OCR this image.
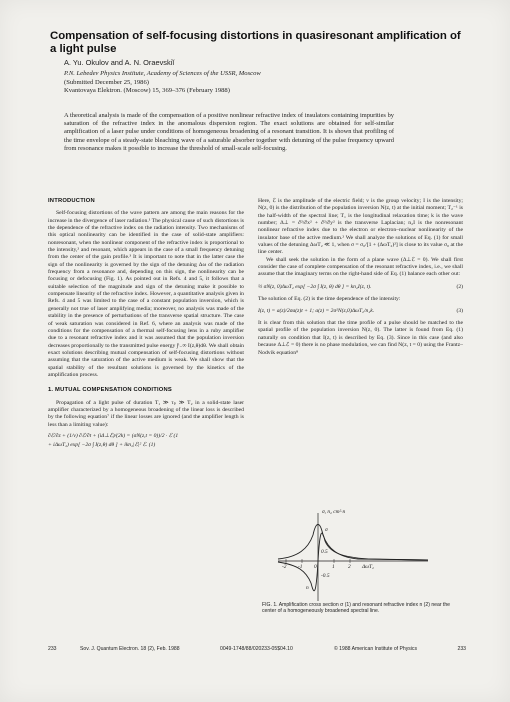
Compensation of self-focusing distortions in quasiresonant amplification of a light pulse
A. Yu. Okulov and A. N. Oraevskiĭ
P.N. Lebedev Physics Institute, Academy of Sciences of the USSR, Moscow
(Submitted December 25, 1986)
Kvantovaya Elektron. (Moscow) 15, 369–376 (February 1988)
A theoretical analysis is made of the compensation of a positive nonlinear refractive index of insulators containing impurities by saturation of the refractive index in the anomalous dispersion region. The exact solutions are obtained for self-similar amplification of a laser pulse under conditions of homogeneous broadening of a resonant transition. It is shown that profiling of the time envelope of a steady-state bleaching wave of a saturable absorber together with detuning of the pulse frequency upward from resonance makes it possible to increase the threshold of small-scale self-focusing.
INTRODUCTION

Self-focusing distortions of the wave pattern are among the main reasons for the increase in the divergence of laser radiation.¹ The physical cause of such distortions is the dependence of the refractive index on the radiation intensity. Two mechanisms of this optical nonlinearity can be identified in the case of solid-state amplifiers: nonresonant, when the nonlinear component of the refractive index is proportional to the intensity,² and resonant, which appears in the case of a small frequency detuning from the center of the gain profile.³ It is important to note that in the latter case the sign of the nonlinearity is governed by the sign of the detuning Δω of the radiation frequency from a resonance and, depending on this sign, the nonlinearity can be focusing or defocusing (Fig. 1). As pointed out in Refs. 4 and 5, it follows that a suitable selection of the magnitude and sign of the detuning make it possible to compensate linearity of the refractive index. However, a quantitative analysis given in Refs. 4 and 5 was limited to the case of a constant population inversion, which is generally not true of laser amplifying media; moreover, no analysis was made of the stability in the presence of perturbations of the transverse spatial structure. The case of weak saturation was considered in Ref. 6, where an analysis was made of the conditions for the compensation of a thermal self-focusing lens in a ruby amplifier due to a resonant refractive index and it was assumed that the population inversion decreases proportionally to the transmitted pulse energy ∫ᵗ₋∞ I(z,θ)dθ. We shall obtain exact solutions describing mutual compensation of self-focusing distortions without assuming that the saturation of the active medium is weak. We shall show that the spatial stability of the resultant solutions is governed by the kinetics of the amplification process.

1. MUTUAL COMPENSATION CONDITIONS

Propagation of a light pulse of duration T₁ ≫ τₚ ≫ T₂ in a solid-state laser amplifier characterized by a homogeneous broadening of the linear loss is described by the following equation⁷ if the linear losses are ignored (and the amplifier length is less than a limiting value):

∂ℰ/∂z + (1/v) ∂ℰ/∂t + (iΔ⊥ℰ)/(2k) = (σN(z,t = 0))/2 · ℰ (1
+ iΔωT₂) exp[ −2σ ∫ I(z,θ) dθ ] + ikn₂|ℰ|² ℰ. (1)

Here, ℰ is the amplitude of the electric field; v is the group velocity; I is the intensity; N(z, 0) is the distribution of the population inversion N(z, t) at the initial moment; T₂⁻¹ is the half-width of the spectral line; T₁ is the longitudinal relaxation time; k is the wave number; Δ⊥ = ∂²/∂x² + ∂²/∂y² is the transverse Laplacian; n₂I is the nonresonant nonlinear refractive index due to the electron or electron–nuclear nonlinearity of the insulator base of the active medium.² We shall analyze the solutions of Eq. (1) for small values of the detuning ΔωT₂ ≪ 1, when σ = σ₀/[1 + (ΔωT₂)²] is close to its value σ₀ at the line center.

We shall seek the solution in the form of a plane wave (Δ⊥ℰ = 0). We shall first consider the case of complete compensation of the resonant refractive index, i.e., we shall assume that the imaginary terms on the right-hand side of Eq. (1) balance each other out:

½ σN(z, 0)ΔωT₂ exp[ −2σ ∫ I(z, θ) dθ ] = kn₂I(z, t).	(2)

The solution of Eq. (2) is the time dependence of the intensity:

I(z, t) = a(z)/2σa(z)t + 1; a(z) = 2σ²N(z,0)ΔωT₂/n₂k.	(3)

It is clear from this solution that the time profile of a pulse should be matched to the spatial profile of the population inversion N(z, 0). The latter is found from Eq. (1) naturally on condition that I(z, t) is described by Eq. (3). Since in this case (and also because Δ⊥ℰ = 0) there is no phase modulation, we can find N(z, t = 0) using the Frantz–Nodvik equation⁸

σ, n₂ cm²·n
σ
n
-2 -1 0	1 2 ΔωT₂
0.5
-0.5
FIG. 1. Amplification cross section σ (1) and resonant refractive index n (2) near the center of a homogeneously broadened spectral line.
233	Sov. J. Quantum Electron. 18 (2), Feb. 1988	0049-1748/88/020233-05$04.10	© 1988 American Institute of Physics	233
